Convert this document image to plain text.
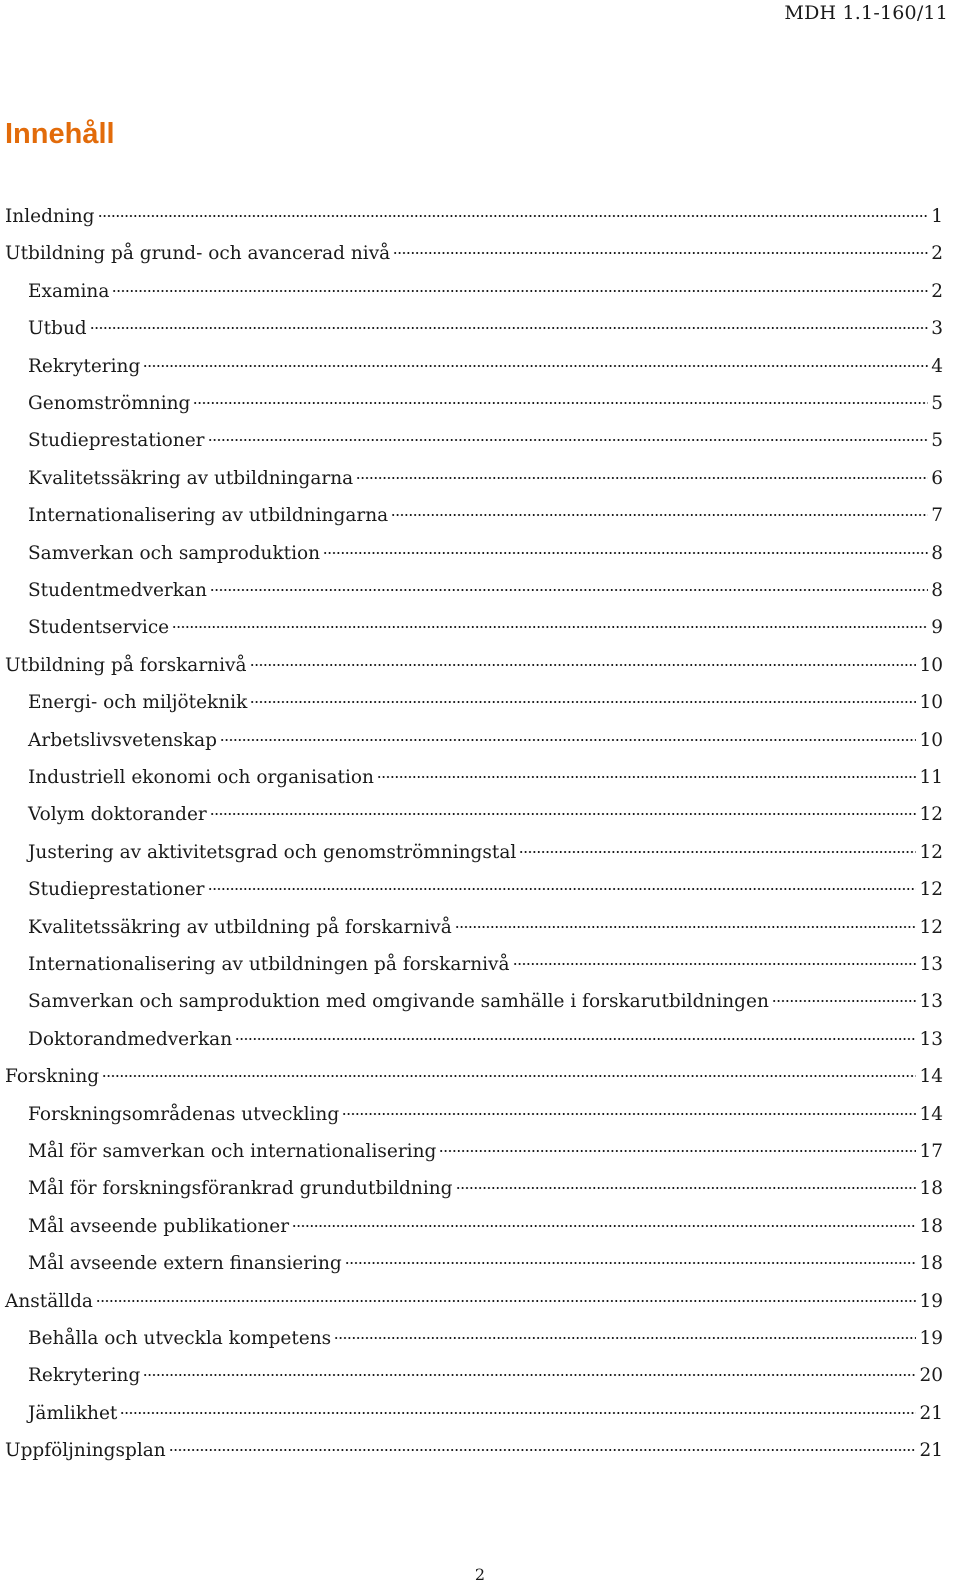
MDH 1.1-160/11
Innehåll
Inledning	1
Utbildning på grund- och avancerad nivå	2
Examina	2
Utbud	3
Rekrytering	4
Genomströmning	5
Studieprestationer	5
Kvalitetssäkring av utbildningarna	6
Internationalisering av utbildningarna	7
Samverkan och samproduktion	8
Studentmedverkan	8
Studentservice	9
Utbildning på forskarnivå	10
Energi- och miljöteknik	10
Arbetslivsvetenskap	10
Industriell ekonomi och organisation	11
Volym doktorander	12
Justering av aktivitetsgrad och genomströmningstal	12
Studieprestationer	12
Kvalitetssäkring av utbildning på forskarnivå	12
Internationalisering av utbildningen på forskarnivå	13
Samverkan och samproduktion med omgivande samhälle i forskarutbildningen	13
Doktorandmedverkan	13
Forskning	14
Forskningsområdenas utveckling	14
Mål för samverkan och internationalisering	17
Mål för forskningsförankrad grundutbildning	18
Mål avseende publikationer	18
Mål avseende extern finansiering	18
Anställda	19
Behålla och utveckla kompetens	19
Rekrytering	20
Jämlikhet	21
Uppföljningsplan	21
2
